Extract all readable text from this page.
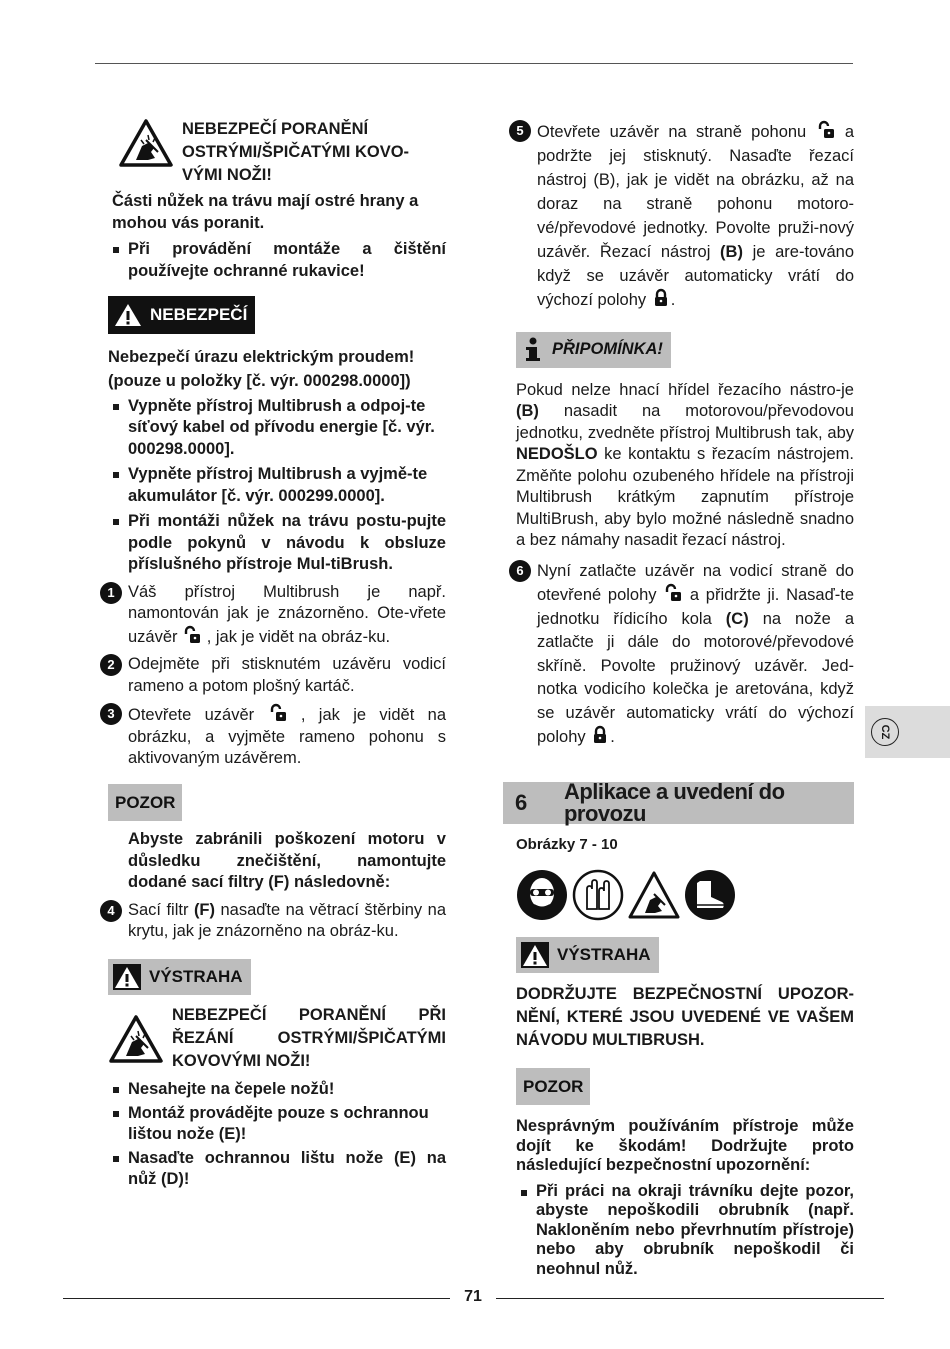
NEBEZPEČÍ PORANĚNÍ OSTRÝMI/ŠPIČATÝMI KOVO-VÝMI NOŽI!

Části nůžek na trávu mají ostré hrany a mohou vás poranit.

Při provádění montáže a čištění používejte ochranné rukavice!
NEBEZPEČÍ

Nebezpečí úrazu elektrickým proudem!

(pouze u položky [č. výr. 000298.0000])

Vypněte přístroj Multibrush a odpoj-te síťový kabel od přívodu energie [č. výr. 000298.0000].
Vypněte přístroj Multibrush a vyjmě-te akumulátor [č. výr. 000299.0000].
Při montáži nůžek na trávu postu-pujte podle pokynů v návodu k obsluze příslušného přístroje Mul-tiBrush.
1 Váš přístroj Multibrush je např. namontován jak je znázorněno. Ote-vřete uzávěr  , jak je vidět na obráz-ku.
2 Odejměte při stisknutém uzávěru vodicí rameno a potom plošný kartáč.
3 Otevřete uzávěr  , jak je vidět na obrázku, a vyjměte rameno pohonu s aktivovaným uzávěrem.
POZOR

Abyste zabránili poškození motoru v důsledku znečištění, namontujte dodané sací filtry (F) následovně:

4 Sací filtr (F) nasaďte na větrací štěrbiny na krytu, jak je znázorněno na obráz-ku.
VÝSTRAHA
NEBEZPEČÍ PORANĚNÍ PŘI ŘEZÁNÍ OSTRÝMI/ŠPIČATÝMI KOVOVÝMI NOŽI!
Nesahejte na čepele nožů!
Montáž provádějte pouze s ochrannou lištou nože (E)!
Nasaďte ochrannou lištu nože (E) na nůž (D)!
5 Otevřete uzávěr na straně pohonu  a podržte jej stisknutý. Nasaďte řezací nástroj (B), jak je vidět na obrázku, až na doraz na straně pohonu motoro-vé/převodové jednotky. Povolte pruži-nový uzávěr. Řezací nástroj (B) je are-továno když se uzávěr automaticky vrátí do výchozí polohy .
PŘIPOMÍNKA!

Pokud nelze hnací hřídel řezacího nástro-je (B) nasadit na motorovou/převodovou jednotku, zvedněte přístroj Multibrush tak, aby NEDOŠLO ke kontaktu s řezacím nástrojem. Změňte polohu ozubeného hřídele na přístroji Multibrush krátkým zapnutím přístroje MultiBrush, aby bylo možné následně snadno a bez námahy nasadit řezací nástroj.

6 Nyní zatlačte uzávěr na vodicí straně do otevřené polohy  a přidržte ji. Nasaď-te jednotku řídicího kola (C) na nože a zatlačte ji dále do motorové/převodové skříně. Povolte pružinový uzávěr. Jed-notka vodicího kolečka je aretována, když se uzávěr automaticky vrátí do výchozí polohy .
6	Aplikace a uvedení do provozu

Obrázky 7 - 10

VÝSTRAHA

DODRŽUJTE BEZPEČNOSTNÍ UPOZOR-NĚNÍ, KTERÉ JSOU UVEDENÉ VE VAŠEM NÁVODU MULTIBRUSH.

POZOR

Nesprávným používáním přístroje může dojít ke škodám! Dodržujte proto následující bezpečnostní upozornění:

Při práci na okraji trávníku dejte pozor, abyste nepoškodili obrubník (např. Nakloněním nebo převrhnutím přístroje) nebo aby obrubník nepoškodil či neohnul nůž.
CZ
71
